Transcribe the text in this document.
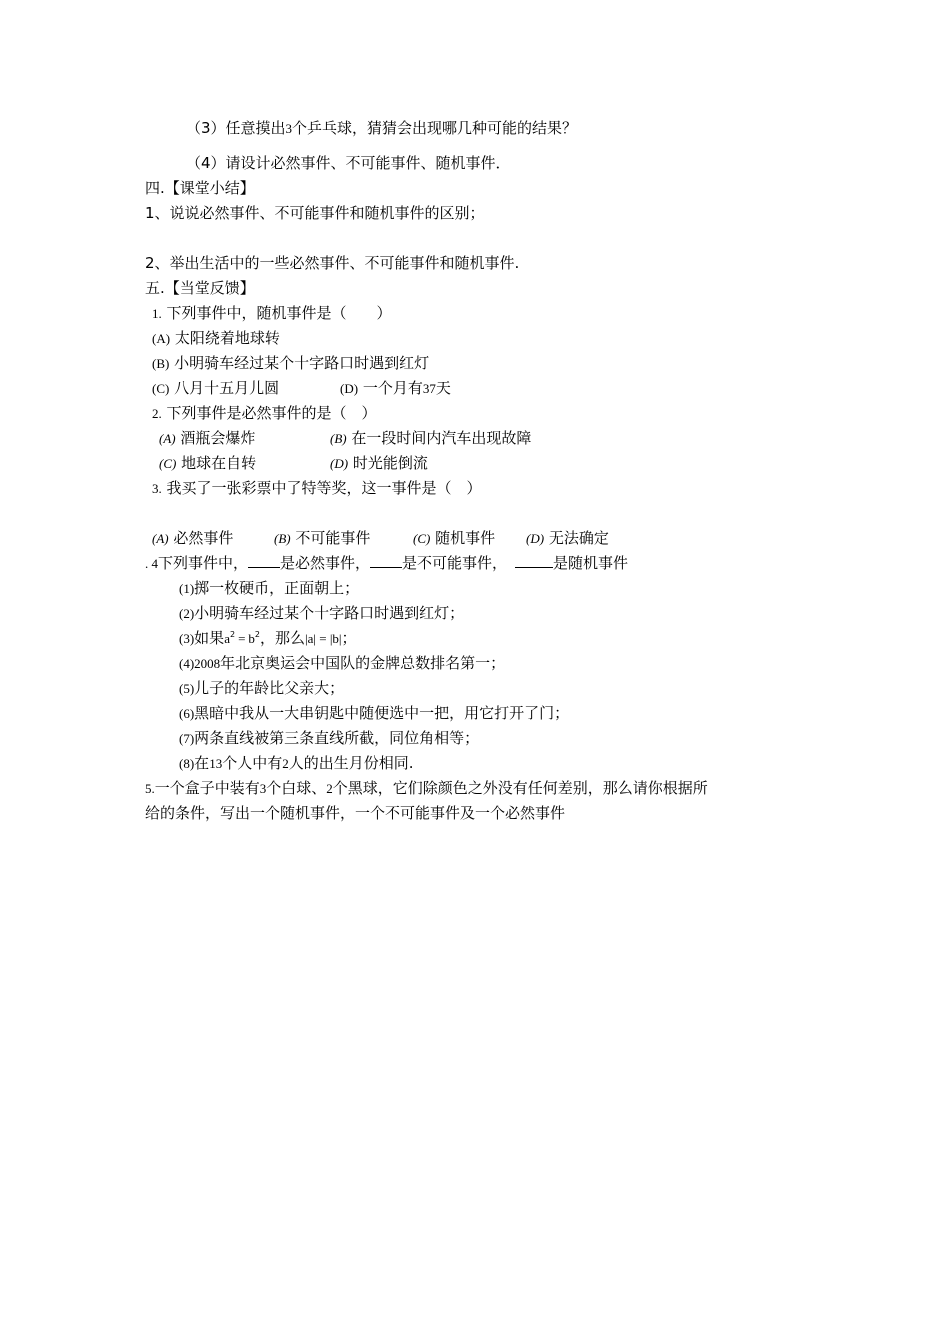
（3）任意摸出3个乒乓球，猜猜会出现哪几种可能的结果？
（4）请设计必然事件、不可能事件、随机事件．
四.【课堂小结】
1、说说必然事件、不可能事件和随机事件的区别；
2、举出生活中的一些必然事件、不可能事件和随机事件.
五.【当堂反馈】
1. 下列事件中，随机事件是（　　）
(A) 太阳绕着地球转
(B) 小明骑车经过某个十字路口时遇到红灯
(C) 八月十五月儿圆	(D) 一个月有37天
2. 下列事件是必然事件的是（　）
(A) 酒瓶会爆炸	(B) 在一段时间内汽车出现故障
(C) 地球在自转	(D) 时光能倒流
3. 我买了一张彩票中了特等奖，这一事件是（　）
(A) 必然事件	(B) 不可能事件	(C) 随机事件 (D) 无法确定
. 4下列事件中， 是必然事件， 是不可能事件，	是随机事件
(1)掷一枚硬币，正面朝上；
(2)小明骑车经过某个十字路口时遇到红灯；
(3)如果$a^2 = b^2$，那么|a| = |b|；
(4)2008年北京奥运会中国队的金牌总数排名第一；
(5)儿子的年龄比父亲大；
(6)黑暗中我从一大串钥匙中随便选中一把，用它打开了门；
(7)两条直线被第三条直线所截，同位角相等；
(8)在13个人中有2人的出生月份相同.
5.一个盒子中装有3个白球、2个黑球，它们除颜色之外没有任何差别，那么请你根据所
给的条件，写出一个随机事件，一个不可能事件及一个必然事件
